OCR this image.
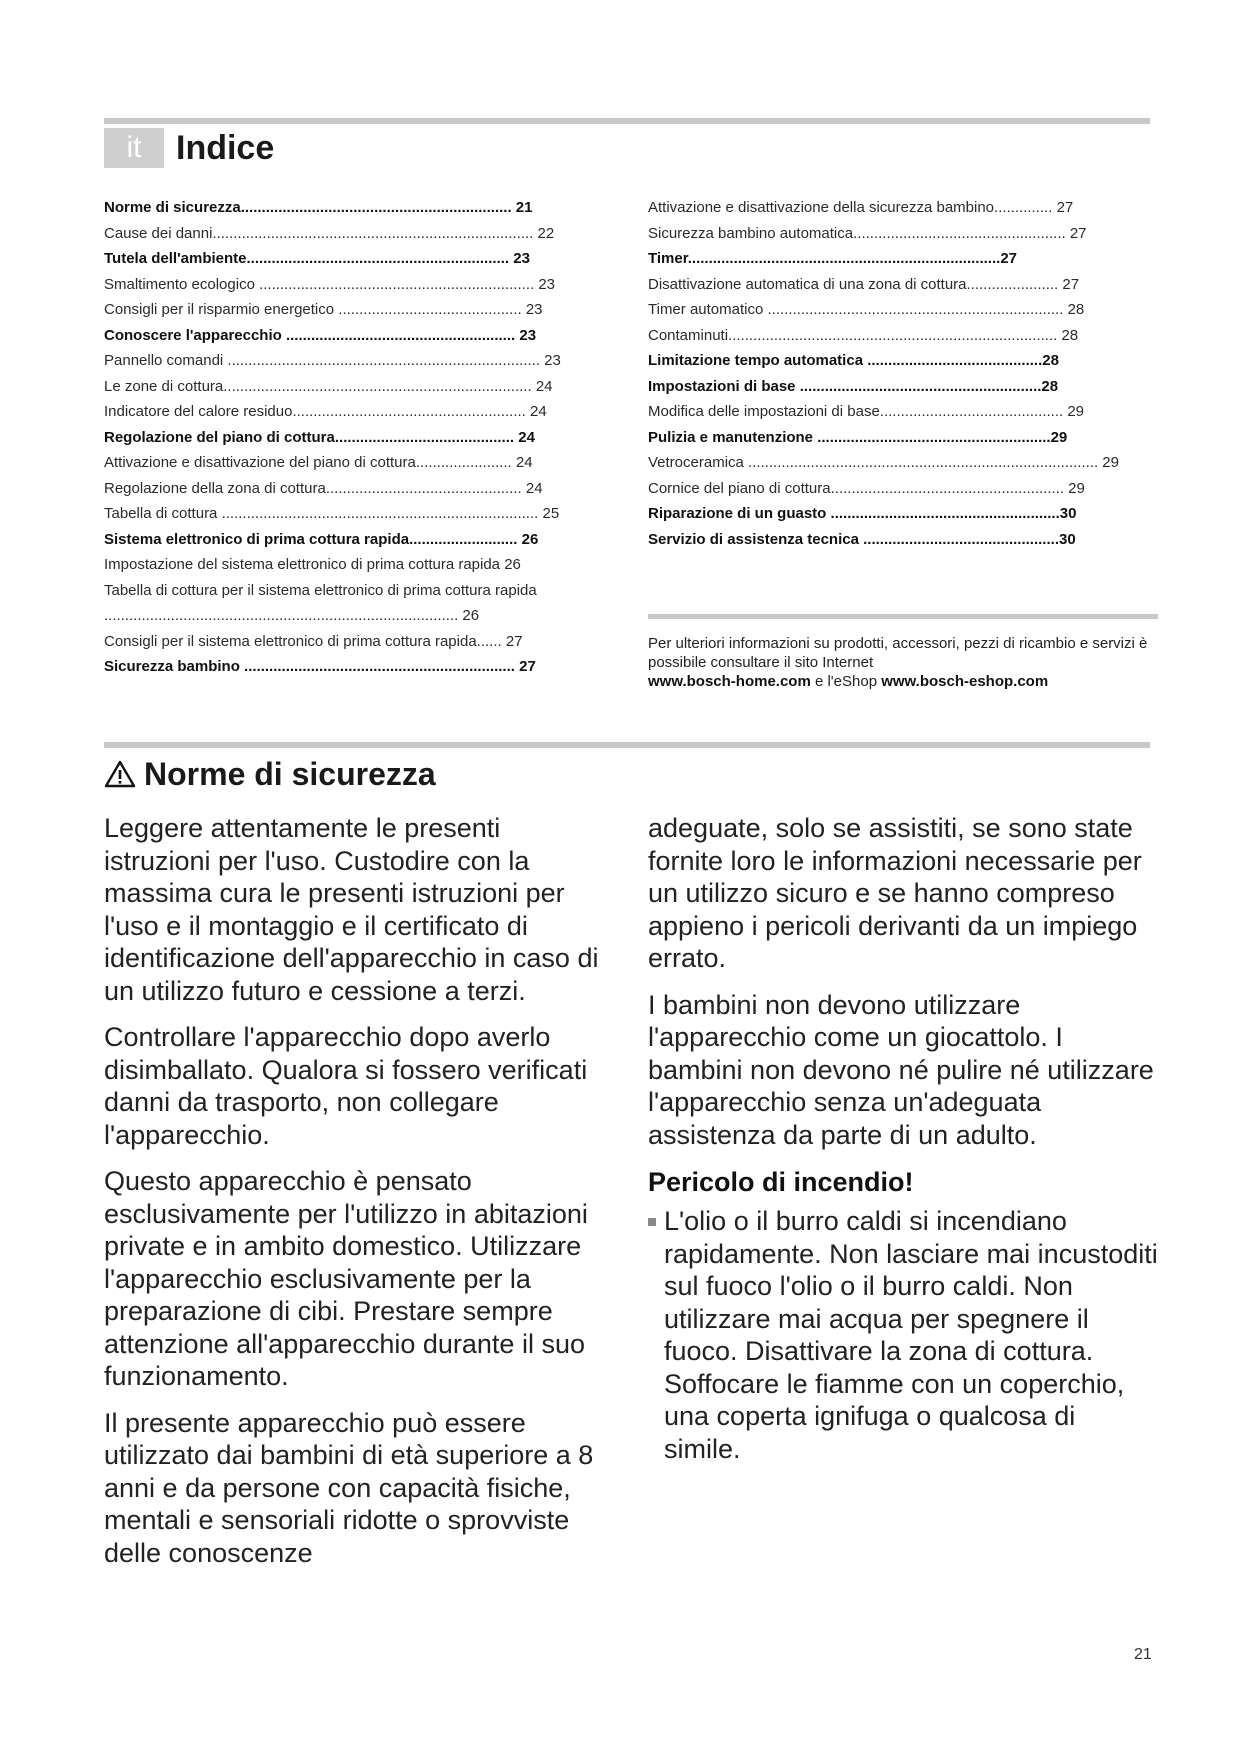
it	Indice
Norme di sicurezza................................................................. 21
Cause dei danni............................................................................. 22
Tutela dell'ambiente............................................................... 23
Smaltimento ecologico .................................................................. 23
Consigli per il risparmio energetico ............................................ 23
Conoscere l'apparecchio ....................................................... 23
Pannello comandi ........................................................................... 23
Le zone di cottura.......................................................................... 24
Indicatore del calore residuo........................................................ 24
Regolazione del piano di cottura........................................... 24
Attivazione e disattivazione del piano di cottura....................... 24
Regolazione della zona di cottura............................................... 24
Tabella di cottura ............................................................................ 25
Sistema elettronico di prima cottura rapida.......................... 26
Impostazione del sistema elettronico di prima cottura rapida 26
Tabella di cottura per il sistema elettronico di prima cottura rapida ..................................................................................... 26
Consigli per il sistema elettronico di prima cottura rapida...... 27
Sicurezza bambino ................................................................. 27
Attivazione e disattivazione della sicurezza bambino.............. 27
Sicurezza bambino automatica................................................... 27
Timer...........................................................................27
Disattivazione automatica di una zona di cottura...................... 27
Timer automatico ....................................................................... 28
Contaminuti............................................................................... 28
Limitazione tempo automatica ..........................................28
Impostazioni di base ..........................................................28
Modifica delle impostazioni di base............................................ 29
Pulizia e manutenzione ........................................................29
Vetroceramica .................................................................................... 29
Cornice del piano di cottura........................................................ 29
Riparazione di un guasto .......................................................30
Servizio di assistenza tecnica ...............................................30
Per ulteriori informazioni su prodotti, accessori, pezzi di ricambio e servizi è possibile consultare il sito Internet
www.bosch-home.com e l'eShop www.bosch-eshop.com
Norme di sicurezza

Leggere attentamente le presenti istruzioni per l'uso. Custodire con la massima cura le presenti istruzioni per l'uso e il montaggio e il certificato di identificazione dell'apparecchio in caso di un utilizzo futuro e cessione a terzi.

Controllare l'apparecchio dopo averlo disimballato. Qualora si fossero verificati danni da trasporto, non collegare l'apparecchio.

Questo apparecchio è pensato esclusivamente per l'utilizzo in abitazioni private e in ambito domestico. Utilizzare l'apparecchio esclusivamente per la preparazione di cibi. Prestare sempre attenzione all'apparecchio durante il suo funzionamento.

Il presente apparecchio può essere utilizzato dai bambini di età superiore a 8 anni e da persone con capacità fisiche, mentali e sensoriali ridotte o sprovviste delle conoscenze

adeguate, solo se assistiti, se sono state fornite loro le informazioni necessarie per un utilizzo sicuro e se hanno compreso appieno i pericoli derivanti da un impiego errato.

I bambini non devono utilizzare l'apparecchio come un giocattolo. I bambini non devono né pulire né utilizzare l'apparecchio senza un'adeguata assistenza da parte di un adulto.

Pericolo di incendio!
L'olio o il burro caldi si incendiano rapidamente. Non lasciare mai incustoditi sul fuoco l'olio o il burro caldi. Non utilizzare mai acqua per spegnere il fuoco. Disattivare la zona di cottura. Soffocare le fiamme con un coperchio, una coperta ignifuga o qualcosa di simile.
21
